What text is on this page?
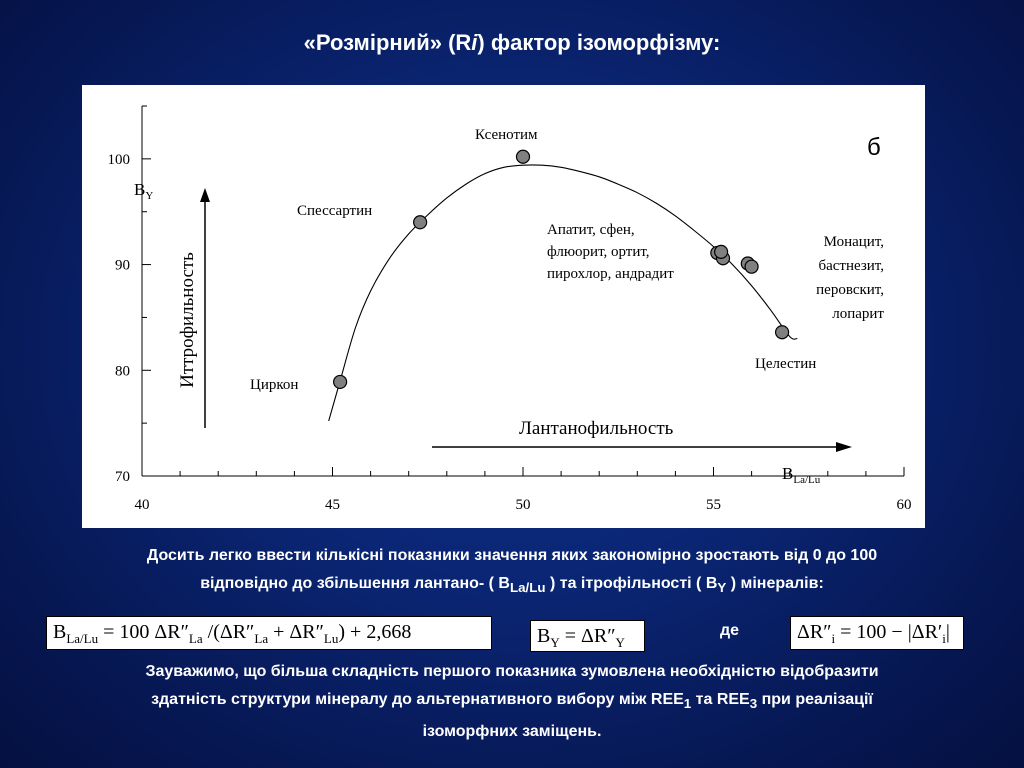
«Розмірний» (Ri) фактор ізоморфізму:
40	45	50	55	60
70
80
90
100
Циркон
Спессартин
Ксенотим
Апатит, сфен, флюорит, ортит, пирохлор, андрадит
Монацит, бастнезит, перовскит, лопарит
Целестин
Лантанофильность
Иттрофильность
$B_Y$
$B_{La/Lu}$
б
Досить легко ввести кількісні показники значення яких закономірно зростають від 0 до 100
відповідно до збільшення лантано- ( $B_{La/Lu}$ ) та ітрофільності ( $B_Y$ ) мінералів:
$B_{La/Lu} = 100$ $\Delta R''_{La}$ $/(\Delta R''_{La} + \Delta R''_{Lu}) + 2,668$	$B_Y = \Delta R''_Y$
де	$\Delta R''_i = 100 - |\Delta R'_i|$
Зауважимо, що більша складність першого показника зумовлена необхідністю відобразити
здатність структури мінералу до альтернативного вибору між $REE_1$ та $REE_3$ при реалізації
ізоморфних заміщень.
